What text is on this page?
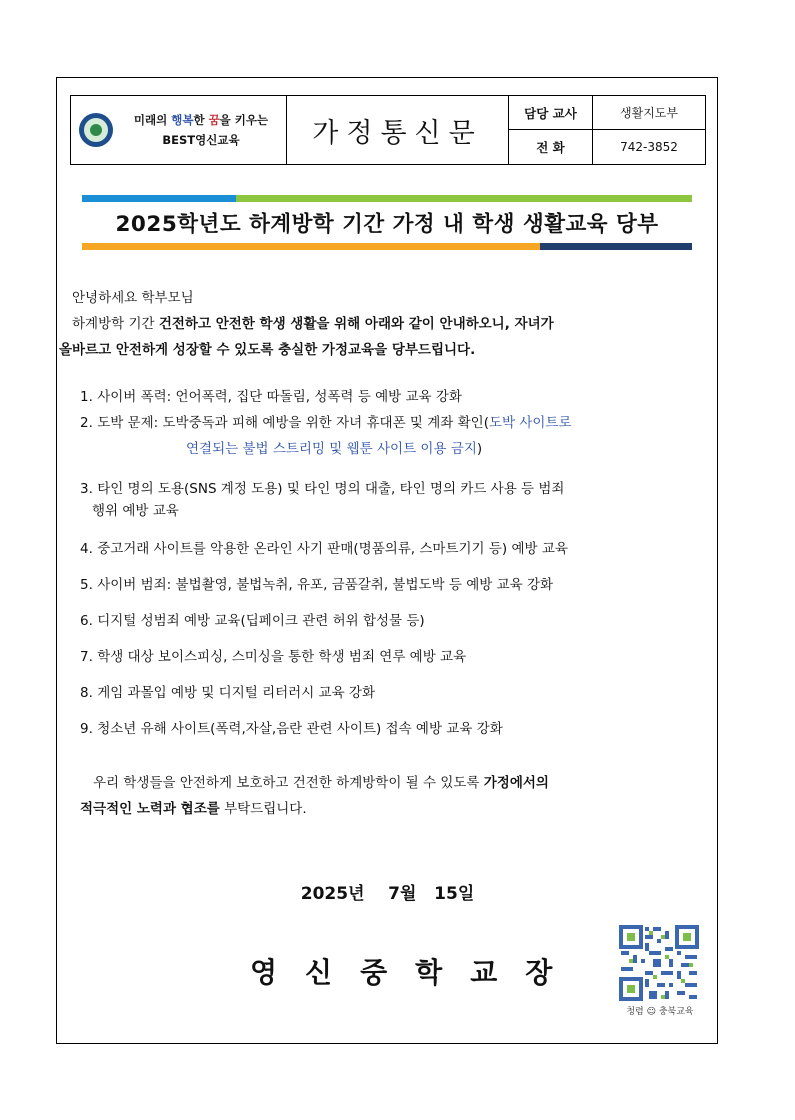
미래의 행복한 꿈을 키우는
BEST영신교육	가정통신문
담당 교사	생활지도부
전 화	742-3852
2025학년도 하계방학 기간 가정 내 학생 생활교육 당부
안녕하세요 학부모님
하계방학 기간 건전하고 안전한 학생 생활을 위해 아래와 같이 안내하오니, 자녀가
올바르고 안전하게 성장할 수 있도록 충실한 가정교육을 당부드립니다.
1. 사이버 폭력: 언어폭력, 집단 따돌림, 성폭력 등 예방 교육 강화
2. 도박 문제: 도박중독과 피해 예방을 위한 자녀 휴대폰 및 계좌 확인(도박 사이트로
연결되는 불법 스트리밍 및 웹툰 사이트 이용 금지)
3. 타인 명의 도용(SNS 계정 도용) 및 타인 명의 대출, 타인 명의 카드 사용 등 범죄
행위 예방 교육
4. 중고거래 사이트를 악용한 온라인 사기 판매(명품의류, 스마트기기 등) 예방 교육
5. 사이버 범죄: 불법촬영, 불법녹취, 유포, 금품갈취, 불법도박 등 예방 교육 강화
6. 디지털 성범죄 예방 교육(딥페이크 관련 허위 합성물 등)
7. 학생 대상 보이스피싱, 스미싱을 통한 학생 범죄 연루 예방 교육
8. 게임 과몰입 예방 및 디지털 리터러시 교육 강화
9. 청소년 유해 사이트(폭력,자살,음란 관련 사이트) 접속 예방 교육 강화
우리 학생들을 안전하게 보호하고 건전한 하계방학이 될 수 있도록 가정에서의
적극적인 노력과 협조를 부탁드립니다.
2025년    7월   15일
영신중학교장
청렴 ☺ 충북교육
